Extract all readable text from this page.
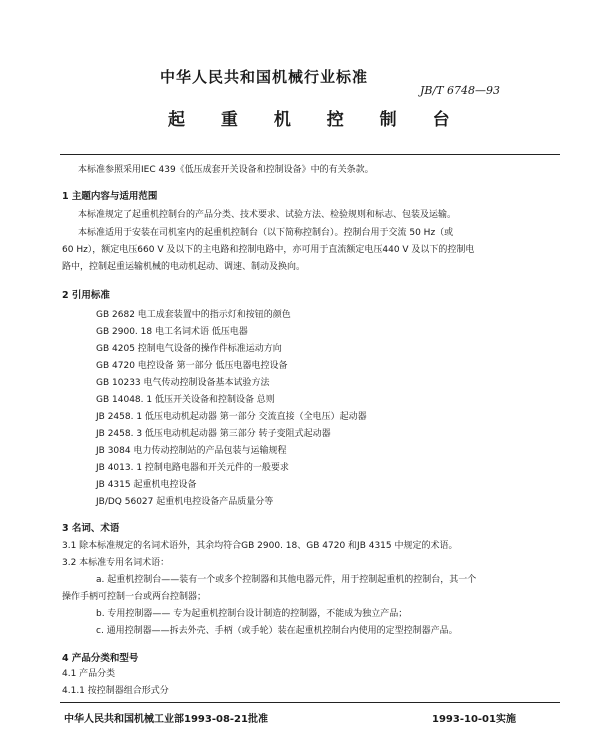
中华人民共和国机械行业标准
JB/T 6748—93
起 重 机 控 制 台
本标准参照采用IEC 439《低压成套开关设备和控制设备》中的有关条款。
1 主题内容与适用范围
本标准规定了起重机控制台的产品分类、技术要求、试验方法、检验规则和标志、包装及运输。
本标准适用于安装在司机室内的起重机控制台（以下简称控制台）。控制台用于交流 50 Hz（或
60 Hz），额定电压660 V 及以下的主电路和控制电路中，亦可用于直流额定电压440 V 及以下的控制电
路中，控制起重运输机械的电动机起动、调速、制动及换向。
2 引用标准
GB 2682 电工成套装置中的指示灯和按钮的颜色
GB 2900. 18 电工名词术语 低压电器
GB 4205 控制电气设备的操作件标准运动方向
GB 4720 电控设备 第一部分 低压电器电控设备
GB 10233 电气传动控制设备基本试验方法
GB 14048. 1 低压开关设备和控制设备 总则
JB 2458. 1 低压电动机起动器 第一部分 交流直接（全电压）起动器
JB 2458. 3 低压电动机起动器 第三部分 转子变阻式起动器
JB 3084 电力传动控制站的产品包装与运输规程
JB 4013. 1 控制电路电器和开关元件的一般要求
JB 4315 起重机电控设备
JB/DQ 56027 起重机电控设备产品质量分等
3 名词、术语
3.1 除本标准规定的名词术语外，其余均符合GB 2900. 18、GB 4720 和JB 4315 中规定的术语。
3.2 本标准专用名词术语：
a. 起重机控制台——装有一个或多个控制器和其他电器元件，用于控制起重机的控制台，其一个
操作手柄可控制一台或两台控制器；
b. 专用控制器—— 专为起重机控制台设计制造的控制器，不能成为独立产品；
c. 通用控制器——拆去外壳、手柄（或手轮）装在起重机控制台内使用的定型控制器产品。
4 产品分类和型号
4.1 产品分类
4.1.1 按控制器组合形式分
中华人民共和国机械工业部1993-08-21批准	1993-10-01实施
